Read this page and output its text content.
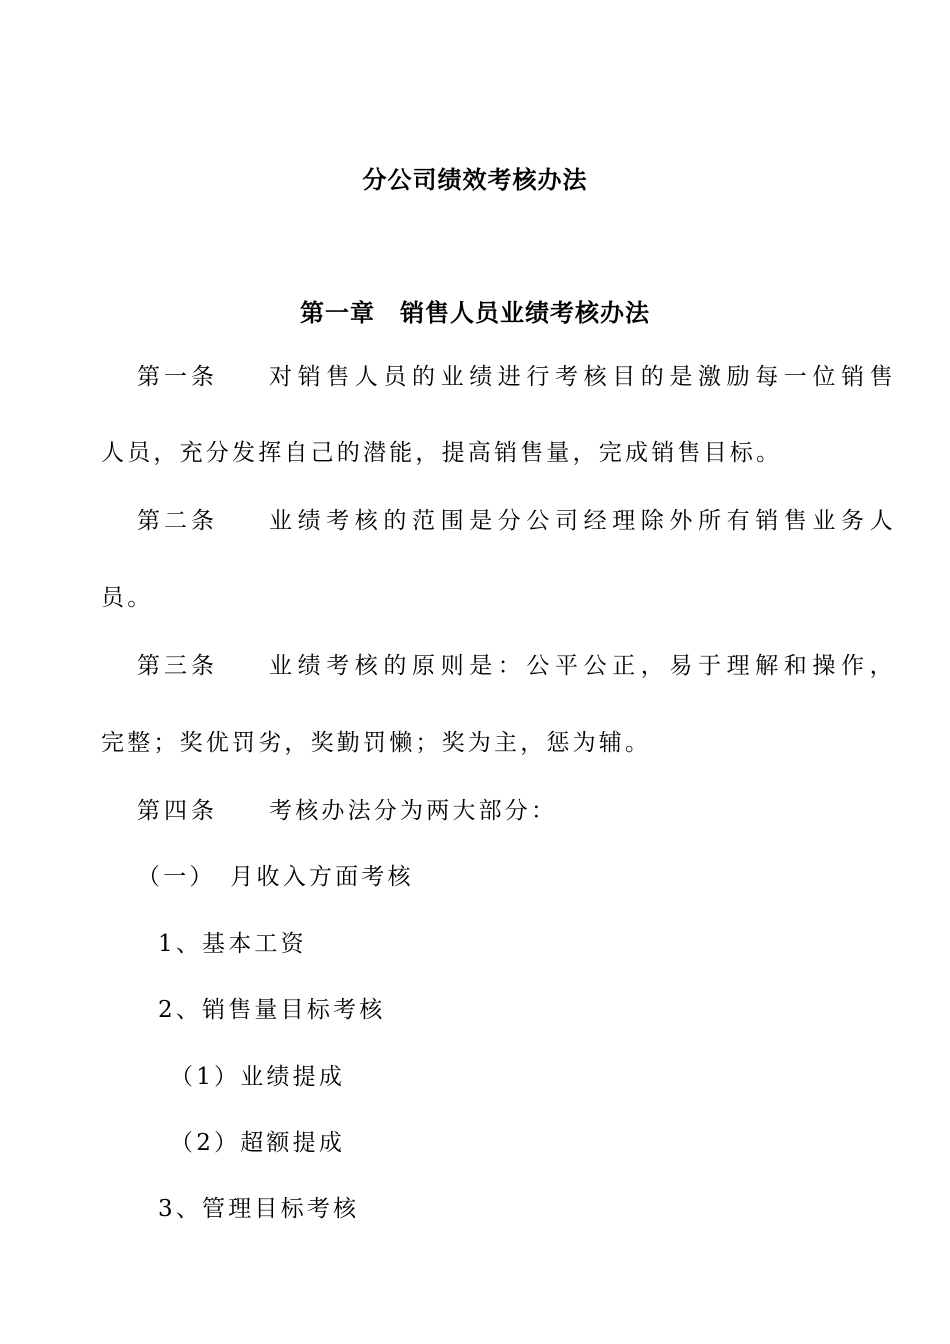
分公司绩效考核办法
第一章　销售人员业绩考核办法
第一条 对销售人员的业绩进行考核目的是激励每一位销售
人员，充分发挥自己的潜能，提高销售量，完成销售目标。
第二条 业绩考核的范围是分公司经理除外所有销售业务人
员。
第三条 业绩考核的原则是：公平公正，易于理解和操作，
完整；奖优罚劣，奖勤罚懒；奖为主，惩为辅。
第四条 考核办法分为两大部分：
（一）　月收入方面考核
1、基本工资
2、销售量目标考核
（1）业绩提成
（2）超额提成
3、管理目标考核
